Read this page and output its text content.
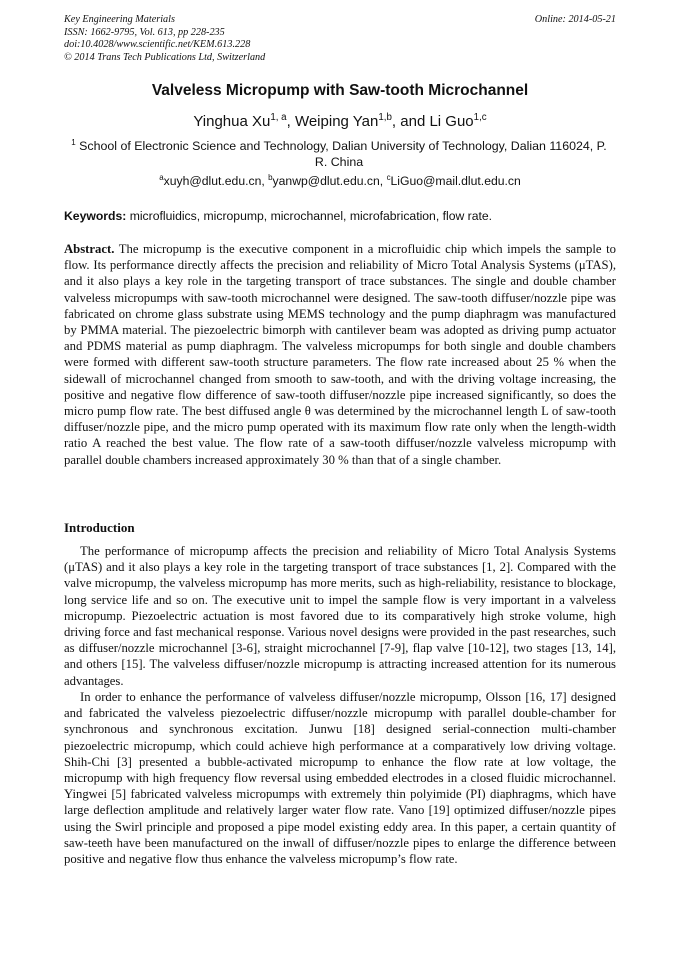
Key Engineering Materials
ISSN: 1662-9795, Vol. 613, pp 228-235
doi:10.4028/www.scientific.net/KEM.613.228
© 2014 Trans Tech Publications Ltd, Switzerland
Online: 2014-05-21
Valveless Micropump with Saw-tooth Microchannel
Yinghua Xu$^{1, a}$, Weiping Yan$^{1,b}$, and Li Guo$^{1,c}$
$^1$ School of Electronic Science and Technology, Dalian University of Technology, Dalian 116024, P. R. China
$^a$xuyh@dlut.edu.cn, $^b$yanwp@dlut.edu.cn, $^c$LiGuo@mail.dlut.edu.cn
Keywords: microfluidics, micropump, microchannel, microfabrication, flow rate.

Abstract. The micropump is the executive component in a microfluidic chip which impels the sample to flow. Its performance directly affects the precision and reliability of Micro Total Analysis Systems (μTAS), and it also plays a key role in the targeting transport of trace substances. The single and double chamber valveless micropumps with saw-tooth microchannel were designed. The saw-tooth diffuser/nozzle pipe was fabricated on chrome glass substrate using MEMS technology and the pump diaphragm was manufactured by PMMA material. The piezoelectric bimorph with cantilever beam was adopted as driving pump actuator and PDMS material as pump diaphragm. The valveless micropumps for both single and double chambers were formed with different saw-tooth structure parameters. The flow rate increased about 25 % when the sidewall of microchannel changed from smooth to saw-tooth, and with the driving voltage increasing, the positive and negative flow difference of saw-tooth diffuser/nozzle pipe increased significantly, so does the micro pump flow rate. The best diffused angle θ was determined by the microchannel length L of saw-tooth diffuser/nozzle pipe, and the micro pump operated with its maximum flow rate only when the length-width ratio A reached the best value. The flow rate of a saw-tooth diffuser/nozzle valveless micropump with parallel double chambers increased approximately 30 % than that of a single chamber.

Introduction

The performance of micropump affects the precision and reliability of Micro Total Analysis Systems (μTAS) and it also plays a key role in the targeting transport of trace substances [1, 2]. Compared with the valve micropump, the valveless micropump has more merits, such as high-reliability, resistance to blockage, long service life and so on. The executive unit to impel the sample flow is very important in a valveless micropump. Piezoelectric actuation is most favored due to its comparatively high stroke volume, high driving force and fast mechanical response. Various novel designs were provided in the past researches, such as diffuser/nozzle microchannel [3-6], straight microchannel [7-9], flap valve [10-12], two stages [13, 14], and others [15]. The valveless diffuser/nozzle micropump is attracting increased attention for its numerous advantages.

In order to enhance the performance of valveless diffuser/nozzle micropump, Olsson [16, 17] designed and fabricated the valveless piezoelectric diffuser/nozzle micropump with parallel double-chamber for synchronous and synchronous excitation. Junwu [18] designed serial-connection multi-chamber piezoelectric micropump, which could achieve high performance at a comparatively low driving voltage. Shih-Chi [3] presented a bubble-activated micropump to enhance the flow rate at low voltage, the micropump with high frequency flow reversal using embedded electrodes in a closed fluidic microchannel. Yingwei [5] fabricated valveless micropumps with extremely thin polyimide (PI) diaphragms, which have large deflection amplitude and relatively larger water flow rate. Vano [19] optimized diffuser/nozzle pipes using the Swirl principle and proposed a pipe model existing eddy area. In this paper, a certain quantity of saw-teeth have been manufactured on the inwall of diffuser/nozzle pipes to enlarge the difference between positive and negative flow thus enhance the valveless micropump’s flow rate.
